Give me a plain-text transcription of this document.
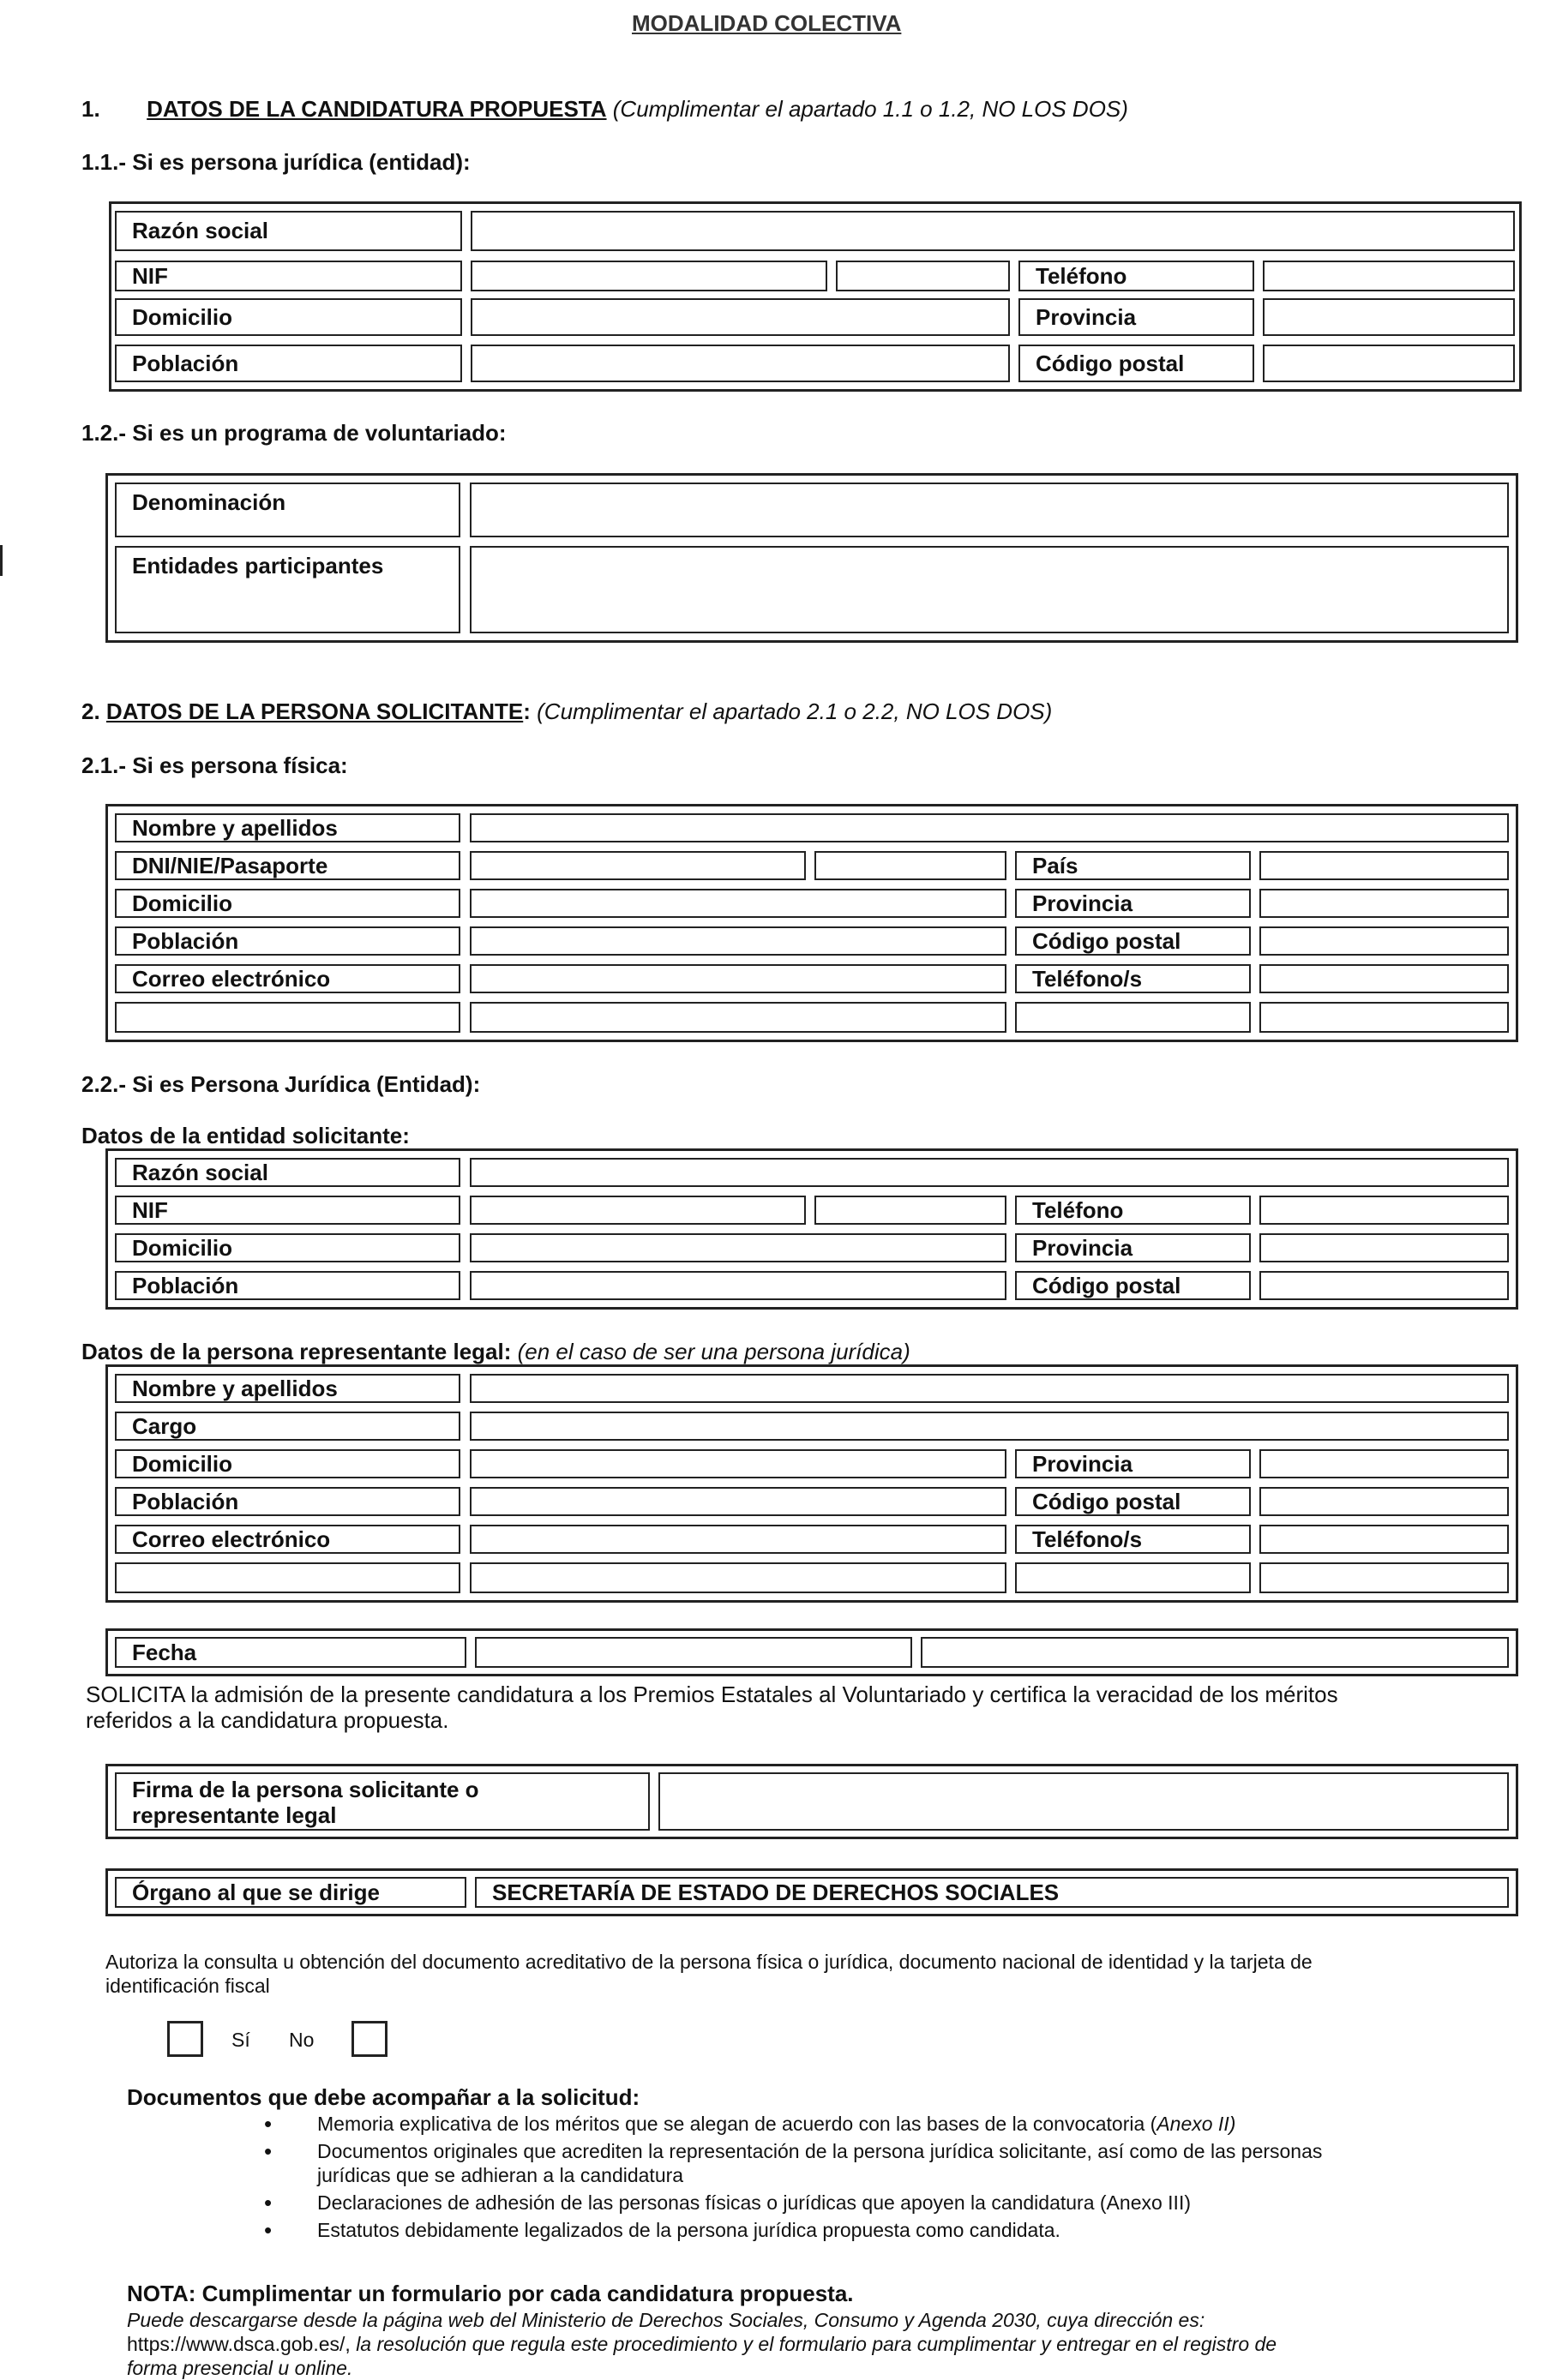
MODALIDAD COLECTIVA
1. DATOS DE LA CANDIDATURA PROPUESTA (Cumplimentar el apartado 1.1 o 1.2, NO LOS DOS)
1.1.- Si es persona jurídica (entidad):
Razón social
NIF	Teléfono
Domicilio	Provincia
Población	Código postal
1.2.- Si es un programa de voluntariado:
Denominación
Entidades participantes
2. DATOS DE LA PERSONA SOLICITANTE: (Cumplimentar el apartado 2.1 o 2.2, NO LOS DOS)
2.1.- Si es persona física:
Nombre y apellidos
DNI/NIE/Pasaporte	País
Domicilio	Provincia
Población	Código postal
Correo electrónico	Teléfono/s
2.2.- Si es Persona Jurídica (Entidad):
Datos de la entidad solicitante:
Razón social
NIF	Teléfono
Domicilio	Provincia
Población	Código postal
Datos de la persona representante legal: (en el caso de ser una persona jurídica)
Nombre y apellidos
Cargo
Domicilio	Provincia
Población	Código postal
Correo electrónico	Teléfono/s
Fecha
SOLICITA la admisión de la presente candidatura a los Premios Estatales al Voluntariado y certifica la veracidad de los méritos
referidos a la candidatura propuesta.
Firma de la persona solicitante o
representante legal
Órgano al que se dirige	SECRETARÍA DE ESTADO DE DERECHOS SOCIALES
Autoriza la consulta u obtención del documento acreditativo de la persona física o jurídica, documento nacional de identidad y la tarjeta de
identificación fiscal
Sí No
Documentos que debe acompañar a la solicitud:
• Memoria explicativa de los méritos que se alegan de acuerdo con las bases de la convocatoria (Anexo II)
• Documentos originales que acrediten la representación de la persona jurídica solicitante, así como de las personas
jurídicas que se adhieran a la candidatura
• Declaraciones de adhesión de las personas físicas o jurídicas que apoyen la candidatura (Anexo III)
• Estatutos debidamente legalizados de la persona jurídica propuesta como candidata.
NOTA: Cumplimentar un formulario por cada candidatura propuesta.
Puede descargarse desde la página web del Ministerio de Derechos Sociales, Consumo y Agenda 2030, cuya dirección es:
https://www.dsca.gob.es/, la resolución que regula este procedimiento y el formulario para cumplimentar y entregar en el registro de
forma presencial u online.
